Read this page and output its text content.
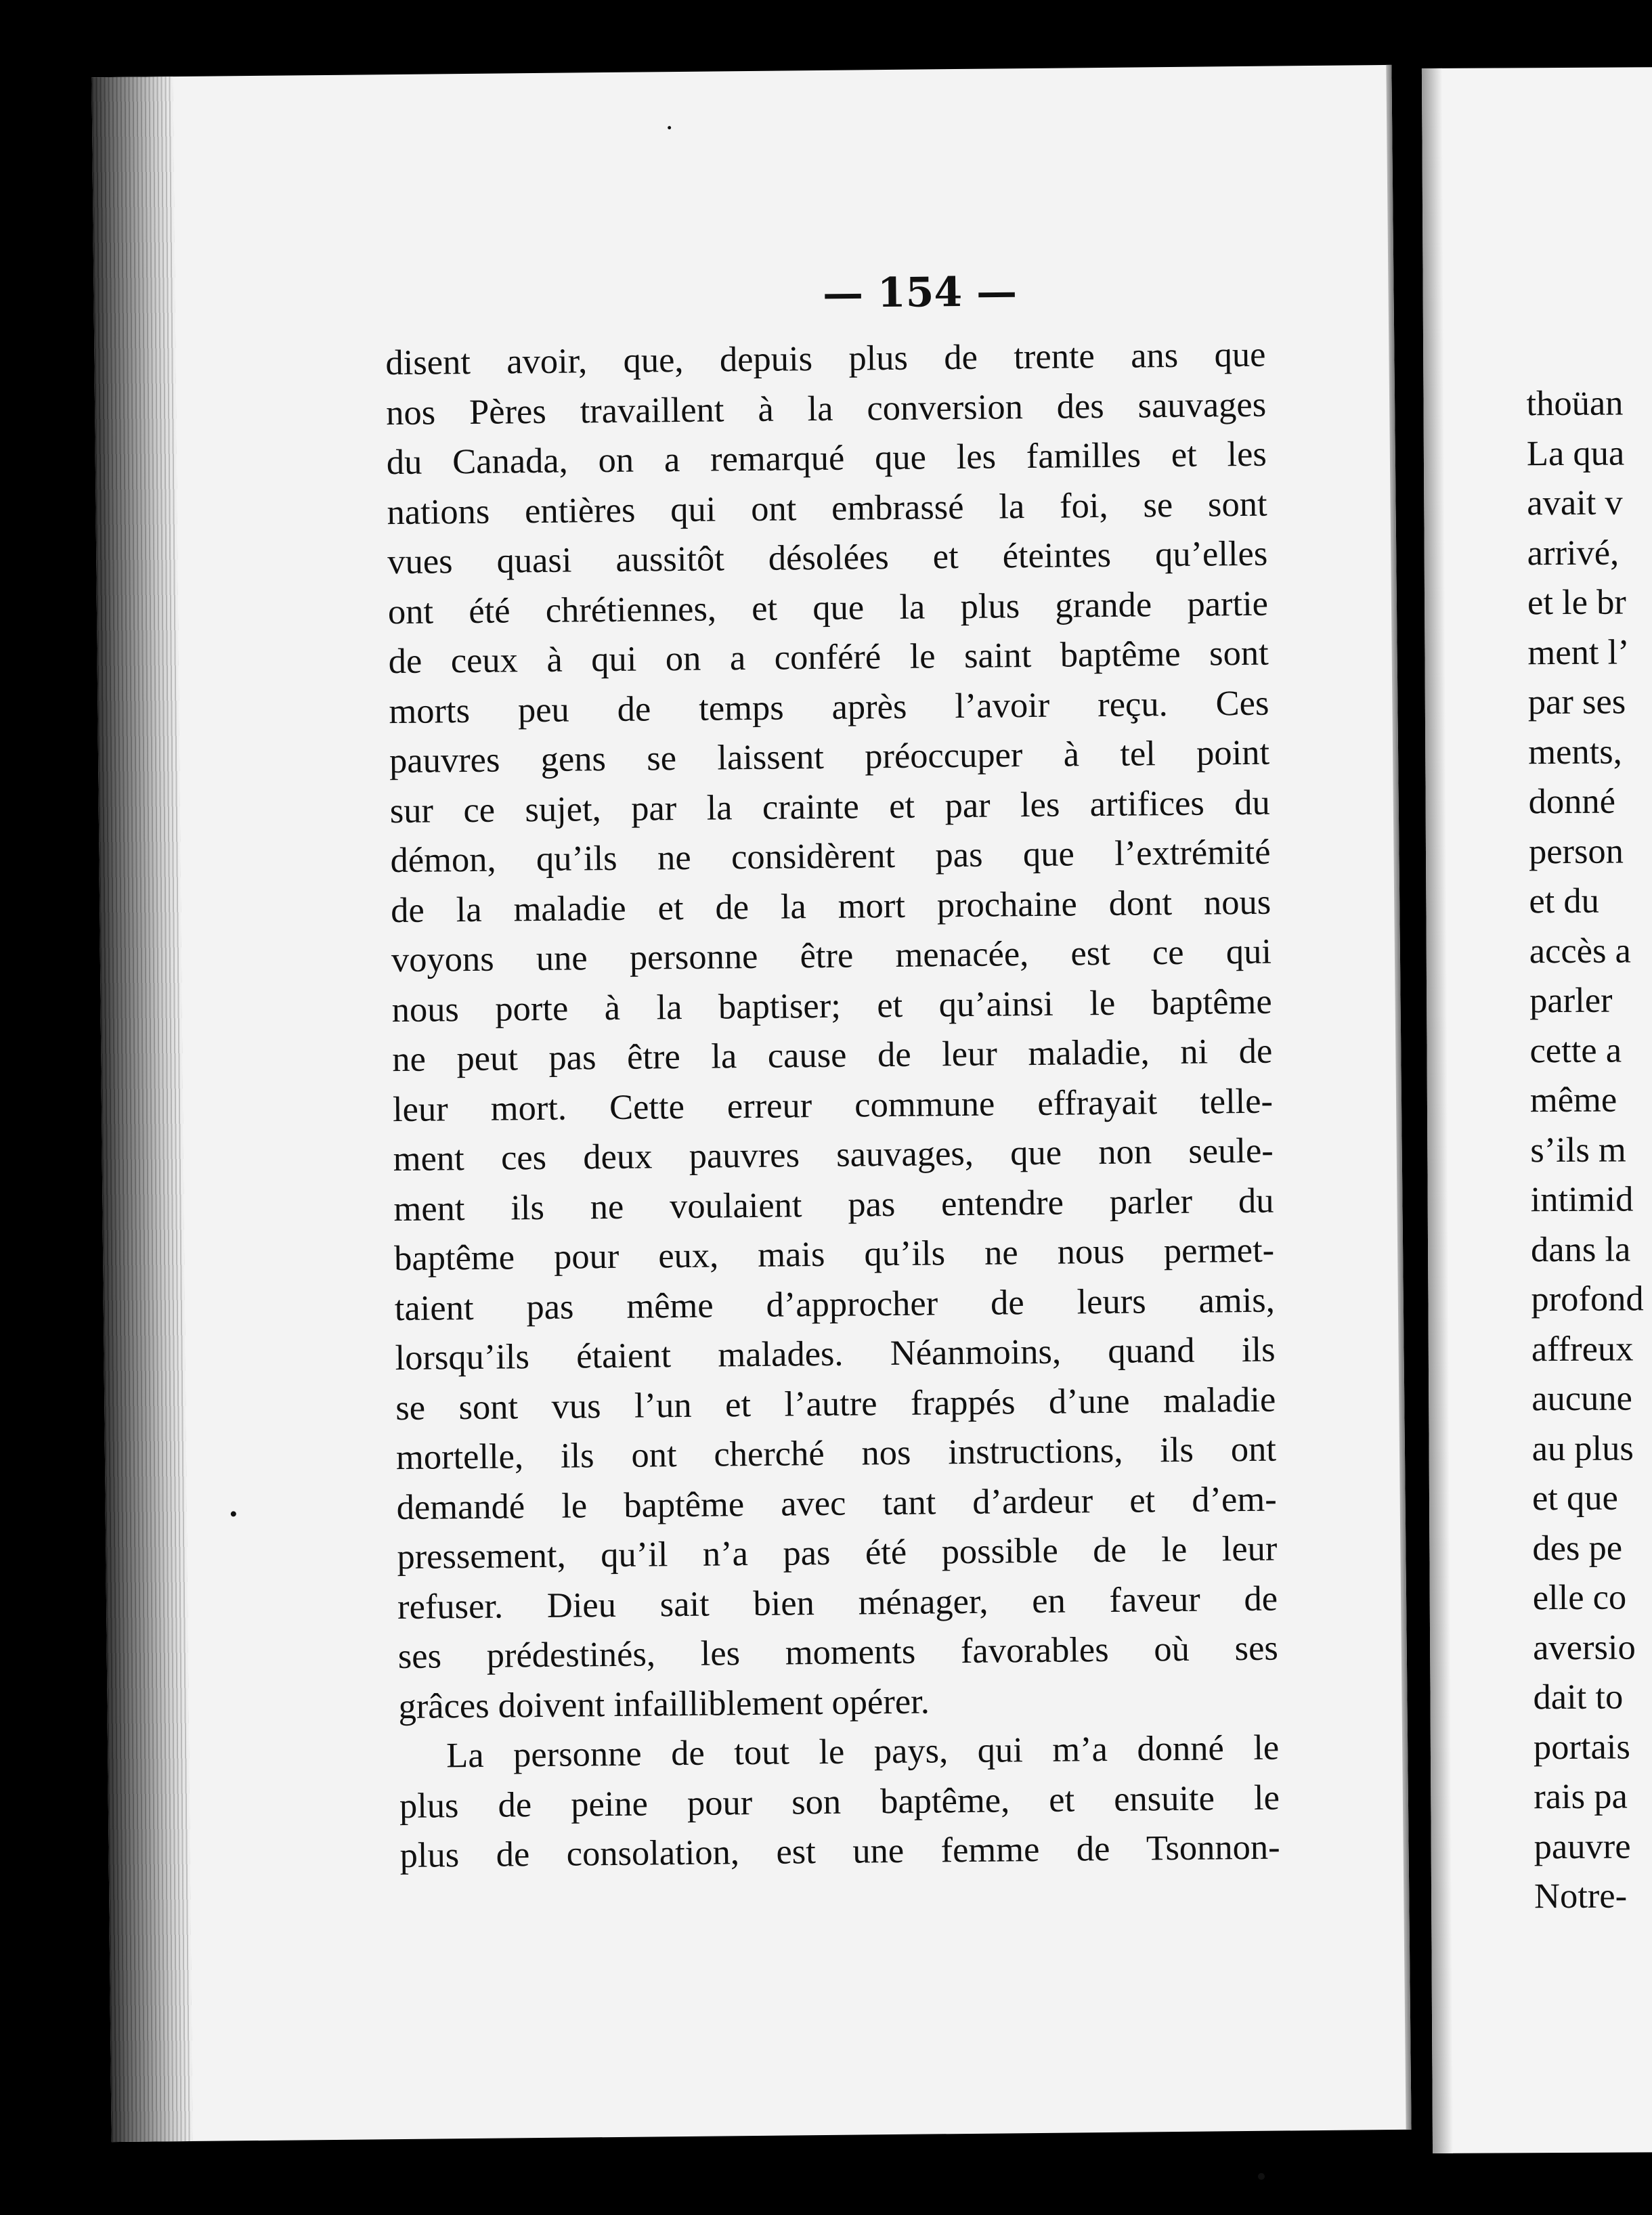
— 154 —
disent avoir, que, depuis plus de trente ans que
nos Pères travaillent à la conversion des sauvages
du Canada, on a remarqué que les familles et les
nations entières qui ont embrassé la foi, se sont
vues quasi aussitôt désolées et éteintes qu’elles
ont été chrétiennes, et que la plus grande partie
de ceux à qui on a conféré le saint baptême sont
morts peu de temps après l’avoir reçu. Ces
pauvres gens se laissent préoccuper à tel point
sur ce sujet, par la crainte et par les artifices du
démon, qu’ils ne considèrent pas que l’extrémité
de la maladie et de la mort prochaine dont nous
voyons une personne être menacée, est ce qui
nous porte à la baptiser; et qu’ainsi le baptême
ne peut pas être la cause de leur maladie, ni de
leur mort. Cette erreur commune effrayait telle-
ment ces deux pauvres sauvages, que non seule-
ment ils ne voulaient pas entendre parler du
baptême pour eux, mais qu’ils ne nous permet-
taient pas même d’approcher de leurs amis,
lorsqu’ils étaient malades. Néanmoins, quand ils
se sont vus l’un et l’autre frappés d’une maladie
mortelle, ils ont cherché nos instructions, ils ont
demandé le baptême avec tant d’ardeur et d’em-
pressement, qu’il n’a pas été possible de le leur
refuser. Dieu sait bien ménager, en faveur de
ses prédestinés, les moments favorables où ses
grâces doivent infailliblement opérer.
La personne de tout le pays, qui m’a donné le
plus de peine pour son baptême, et ensuite le
plus de consolation, est une femme de Tsonnon-
thoüan
La qua
avait v
arrivé,
et le br
ment l’
par ses
ments,
donné
person
et du
accès a
parler
cette a
même
s’ils m
intimid
dans la
profond
affreux
aucune
au plus
et que
des pe
elle co
aversio
dait to
portais
rais pa
pauvre
Notre-
